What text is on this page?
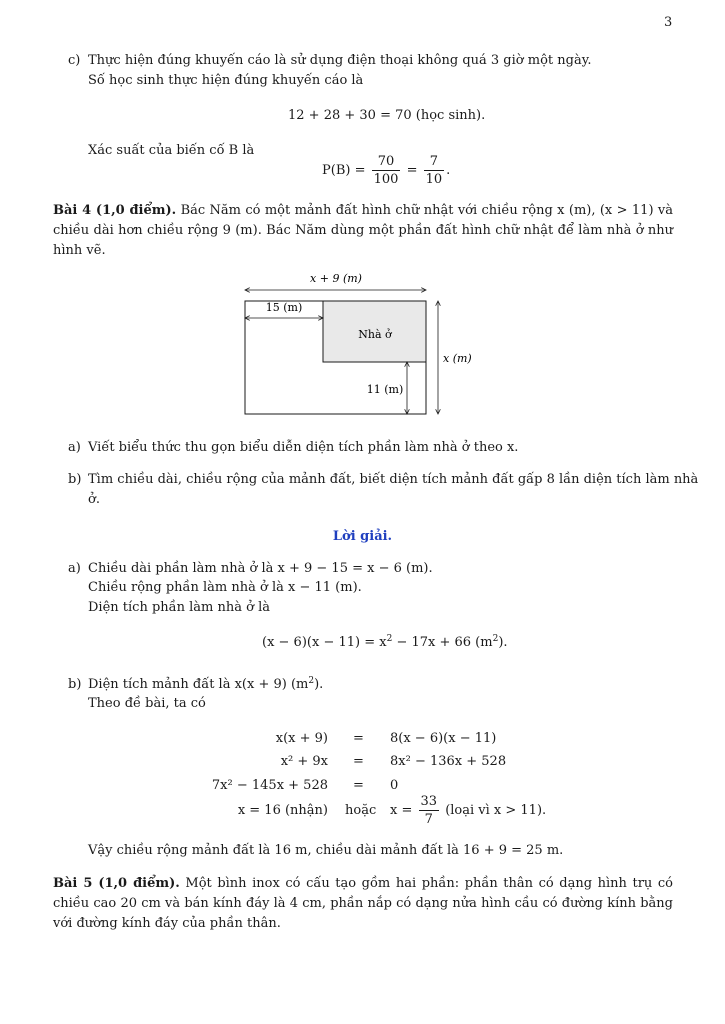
3
c) Thực hiện đúng khuyến cáo là sử dụng điện thoại không quá 3 giờ một ngày.
Số học sinh thực hiện đúng khuyến cáo là
12 + 28 + 30 = 70 (học sinh).
Xác suất của biến cố B là
$P(B) = \frac{70}{100} = \frac{7}{10}$ .
Bài 4 (1,0 điểm). Bác Năm có một mảnh đất hình chữ nhật với chiều rộng x (m), (x > 11) và chiều dài hơn chiều rộng 9 (m). Bác Năm dùng một phần đất hình chữ nhật để làm nhà ở như hình vẽ.
x + 9 (m)
15 (m)
Nhà ở
x (m)
11 (m)
a) Viết biểu thức thu gọn biểu diễn diện tích phần làm nhà ở theo x.
b) Tìm chiều dài, chiều rộng của mảnh đất, biết diện tích mảnh đất gấp 8 lần diện tích làm nhà
ở.
Lời giải.
a) Chiều dài phần làm nhà ở là x + 9 − 15 = x − 6 (m).
Chiều rộng phần làm nhà ở là x − 11 (m).
Diện tích phần làm nhà ở là
$(x - 6)(x - 11) = x^2 - 17x + 66$ $(m^2)$.
b) Diện tích mảnh đất là x(x + 9) $(m^2)$.
Theo đề bài, ta có
x(x + 9) = 8(x − 6)(x − 11)
x² + 9x = 8x² − 136x + 528
7x² − 145x + 528 = 0
x = 16 (nhận) hoặc $x = \frac{33}{7}$ (loại vì x > 11).
Vậy chiều rộng mảnh đất là 16 m, chiều dài mảnh đất là 16 + 9 = 25 m.
Bài 5 (1,0 điểm). Một bình inox có cấu tạo gồm hai phần: phần thân có dạng hình trụ có chiều cao 20 cm và bán kính đáy là 4 cm, phần nắp có dạng nửa hình cầu có đường kính bằng với đường kính đáy của phần thân.
